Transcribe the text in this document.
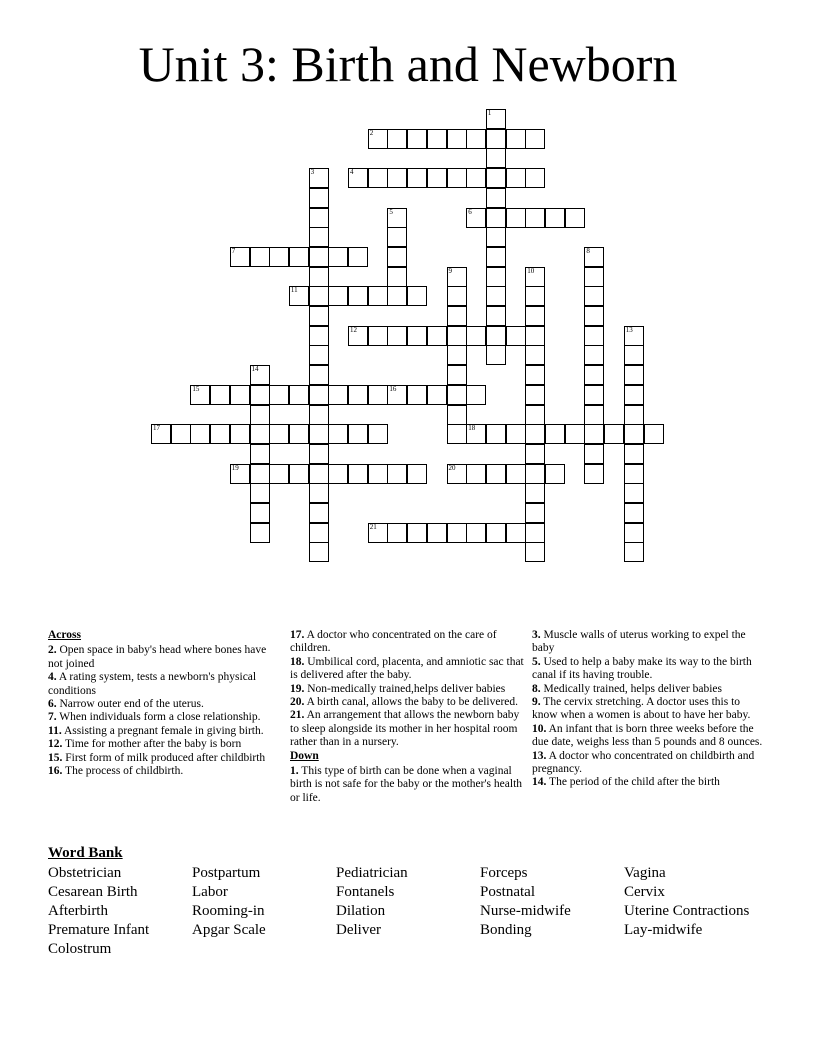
Unit 3: Birth and Newborn
1
2
3	4
5	6
7	8
9	10
11
12	13
14
15	16
17	18
19	20
21
Across
2. Open space in baby's head where bones have not joined
4. A rating system, tests a newborn's physical conditions
6. Narrow outer end of the uterus.
7. When individuals form a close relationship.
11. Assisting a pregnant female in giving birth.
12. Time for mother after the baby is born
15. First form of milk produced after childbirth
16. The process of childbirth.
17. A doctor who concentrated on the care of children.
18. Umbilical cord, placenta, and amniotic sac that is delivered after the baby.
19. Non-medically trained,helps deliver babies
20. A birth canal, allows the baby to be delivered.
21. An arrangement that allows the newborn baby to sleep alongside its mother in her hospital room rather than in a nursery.
Down
1. This type of birth can be done when a vaginal birth is not safe for the baby or the mother's health or life.
3. Muscle walls of uterus working to expel the baby
5. Used to help a baby make its way to the birth canal if its having trouble.
8. Medically trained, helps deliver babies
9. The cervix stretching. A doctor uses this to know when a women is about to have her baby.
10. An infant that is born three weeks before the due date, weighs less than 5 pounds and 8 ounces.
13. A doctor who concentrated on childbirth and pregnancy.
14. The period of the child after the birth
Word Bank
Obstetrician
Cesarean Birth
Afterbirth
Premature Infant
Colostrum
Postpartum
Labor
Rooming-in
Apgar Scale
Pediatrician
Fontanels
Dilation
Deliver
Forceps
Postnatal
Nurse-midwife
Bonding
Vagina
Cervix
Uterine Contractions
Lay-midwife
